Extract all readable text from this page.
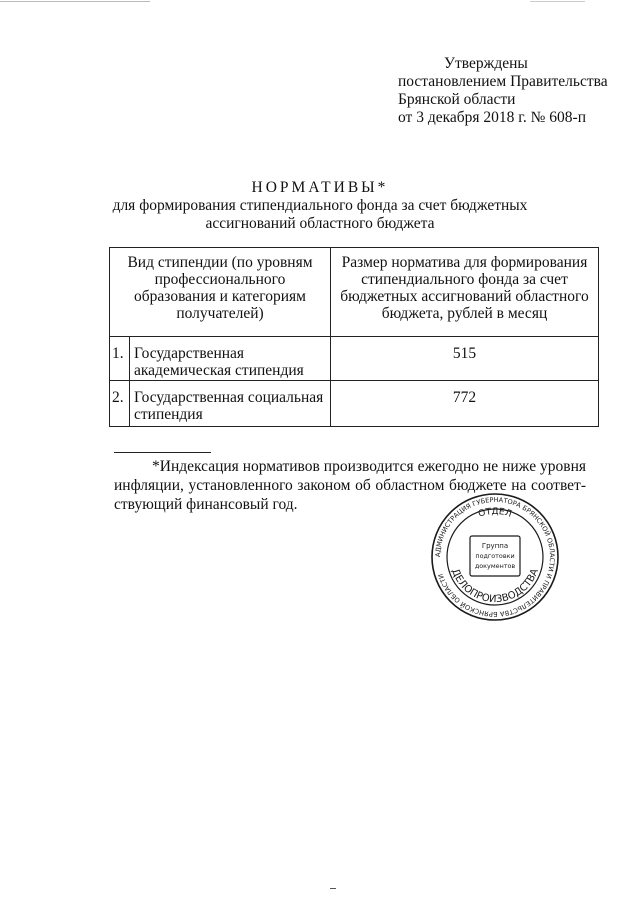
Утверждены
постановлением Правительства
Брянской области
от 3 декабря 2018 г. № 608-п
НОРМАТИВЫ*
для формирования стипендиального фонда за счет бюджетных
ассигнований областного бюджета
Вид стипендии (по уровням профессионального образования и категориям получателей)		Размер норматива для формирования стипендиального фонда за счет бюджетных ассигнований областного бюджета, рублей в месяц
1.	Государственная академическая стипендия	515
2.	Государственная социальная стипендия	772
*Индексация нормативов производится ежегодно не ниже уровня инфляции, установленного законом об областном бюджете на соответ-
ствующий финансовый год.
АДМИНИСТРАЦИЯ ГУБЕРНАТОРА БРЯНСКОЙ ОБЛАСТИ И ПРАВИТЕЛЬСТВА БРЯНСКОЙ ОБЛАСТИ
ОТДЕЛ
ДЕЛОПРОИЗВОДСТВА
Группа
подготовки
документов
